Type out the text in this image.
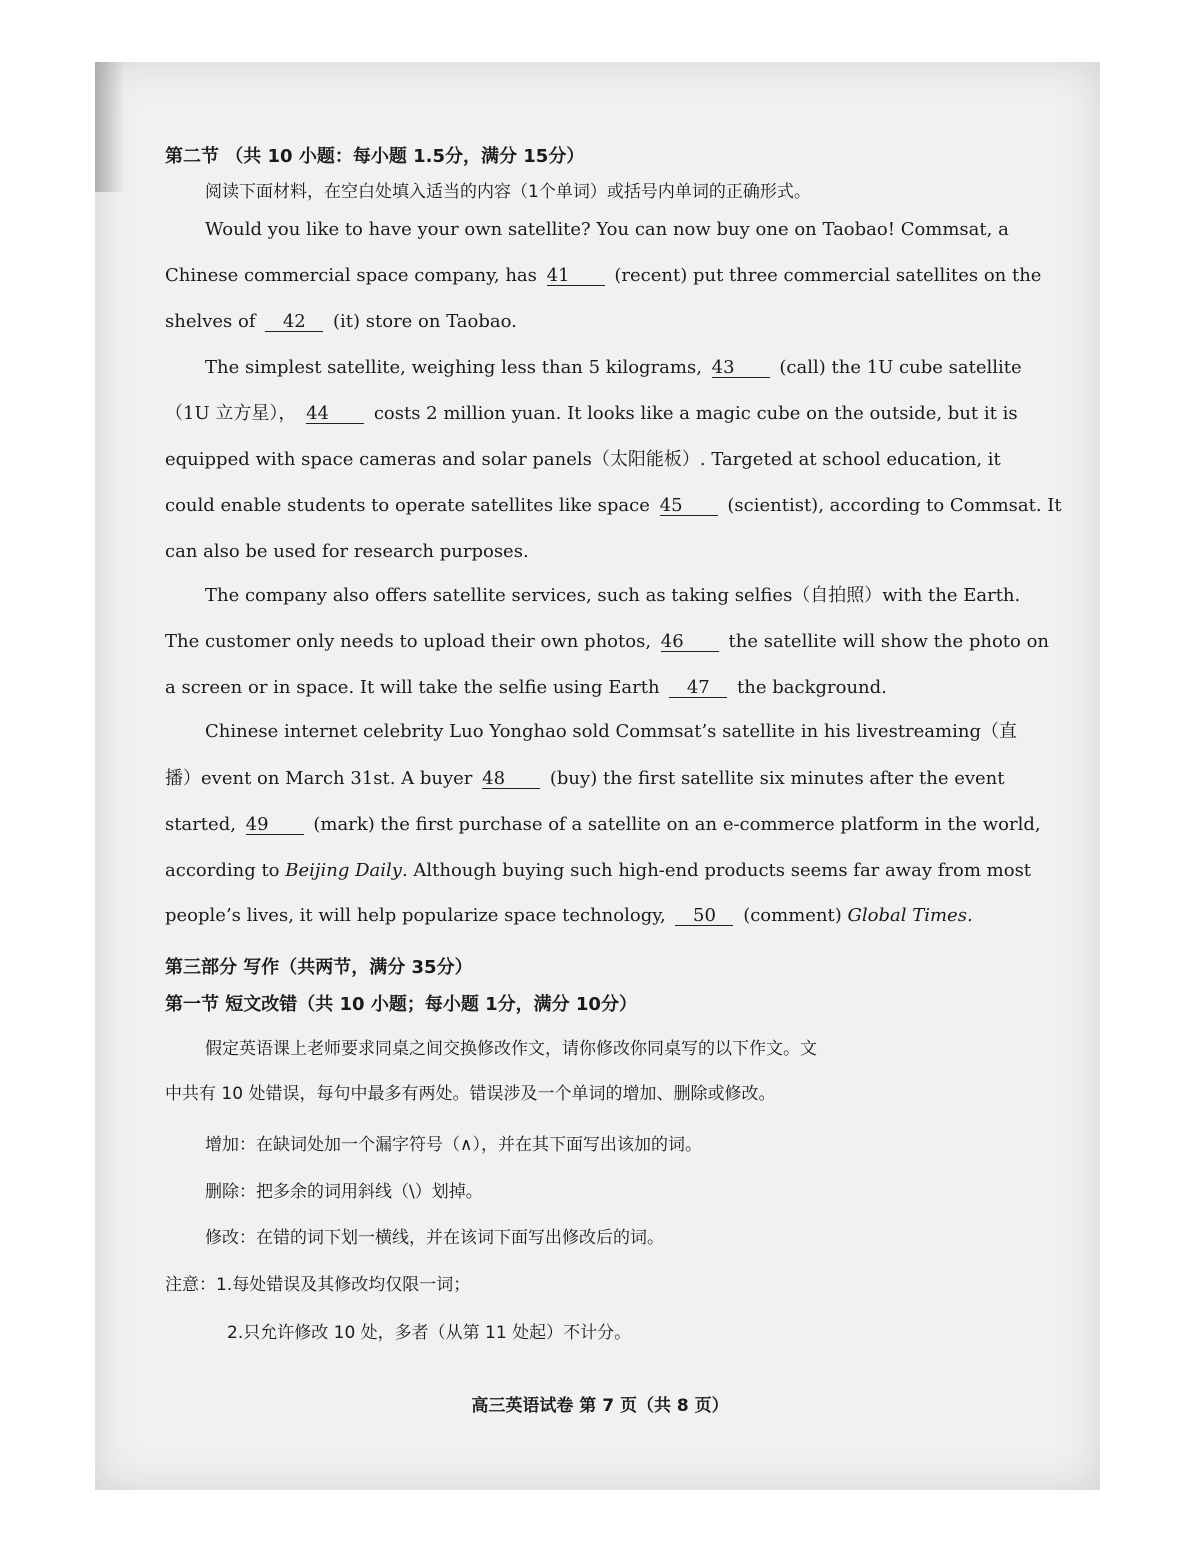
第二节 （共 10 小题：每小题 1.5分，满分 15分）
阅读下面材料，在空白处填入适当的内容（1个单词）或括号内单词的正确形式。
Would you like to have your own satellite? You can now buy one on Taobao! Commsat, a
Chinese commercial space company, has 41 (recent) put three commercial satellites on the
shelves of 42 (it) store on Taobao.
The simplest satellite, weighing less than 5 kilograms, 43 (call) the 1U cube satellite
（1U 立方星）， 44 costs 2 million yuan. It looks like a magic cube on the outside, but it is
equipped with space cameras and solar panels（太阳能板）. Targeted at school education, it
could enable students to operate satellites like space 45 (scientist), according to Commsat. It
can also be used for research purposes.
The company also offers satellite services, such as taking selfies（自拍照）with the Earth.
The customer only needs to upload their own photos, 46 the satellite will show the photo on
a screen or in space. It will take the selfie using Earth 47 the background.
Chinese internet celebrity Luo Yonghao sold Commsat’s satellite in his livestreaming（直
播）event on March 31st. A buyer 48 (buy) the first satellite six minutes after the event
started, 49 (mark) the first purchase of a satellite on an e-commerce platform in the world,
according to Beijing Daily. Although buying such high-end products seems far away from most
people’s lives, it will help popularize space technology, 50 (comment) Global Times.
第三部分 写作（共两节，满分 35分）
第一节 短文改错（共 10 小题；每小题 1分，满分 10分）
假定英语课上老师要求同桌之间交换修改作文，请你修改你同桌写的以下作文。文
中共有 10 处错误，每句中最多有两处。错误涉及一个单词的增加、删除或修改。
增加：在缺词处加一个漏字符号（∧），并在其下面写出该加的词。
删除：把多余的词用斜线（\）划掉。
修改：在错的词下划一横线，并在该词下面写出修改后的词。
注意：1.每处错误及其修改均仅限一词；
2.只允许修改 10 处，多者（从第 11 处起）不计分。
高三英语试卷 第 7 页（共 8 页）
